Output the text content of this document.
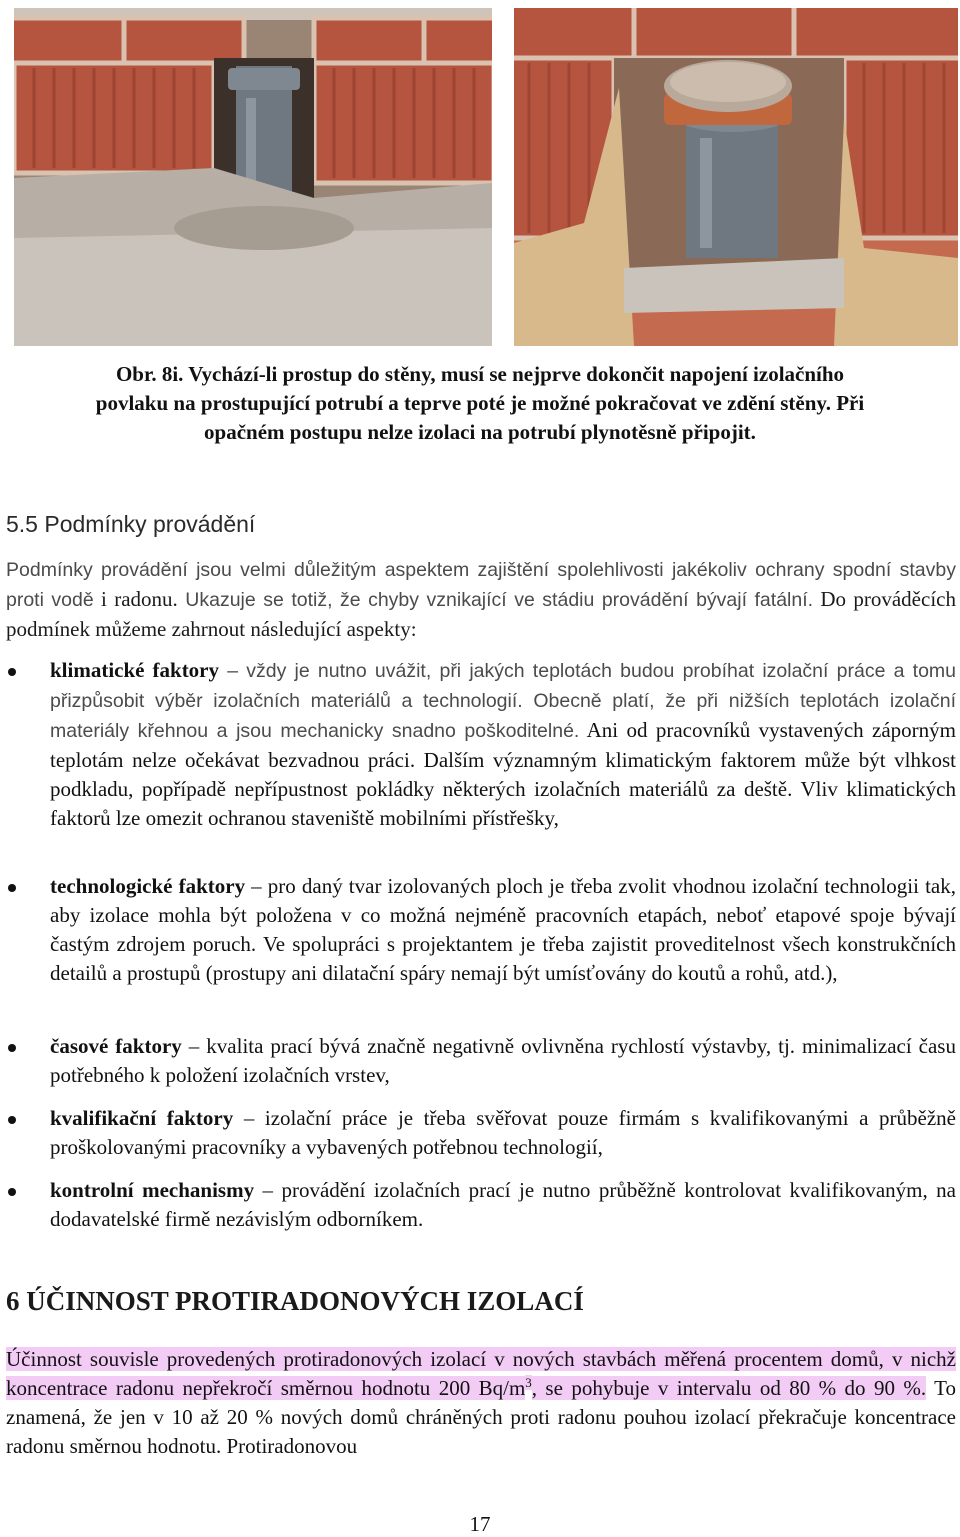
Obr. 8i. Vychází-li prostup do stěny, musí se nejprve dokončit napojení izolačního
povlaku na prostupující potrubí a teprve poté je možné pokračovat ve zdění stěny. Při
opačném postupu nelze izolaci na potrubí plynotěsně připojit.
5.5 Podmínky provádění
Podmínky provádění jsou velmi důležitým aspektem zajištění spolehlivosti jakékoliv ochrany spodní stavby proti vodě i radonu. Ukazuje se totiž, že chyby vznikající ve stádiu provádění bývají fatální. Do prováděcích podmínek můžeme zahrnout následující aspekty:
klimatické faktory – vždy je nutno uvážit, při jakých teplotách budou probíhat izolační práce a tomu přizpůsobit výběr izolačních materiálů a technologií. Obecně platí, že při nižších teplotách izolační materiály křehnou a jsou mechanicky snadno poškoditelné. Ani od pracovníků vystavených záporným teplotám nelze očekávat bezvadnou práci. Dalším významným klimatickým faktorem může být vlhkost podkladu, popřípadě nepřípustnost pokládky některých izolačních materiálů za deště. Vliv klimatických faktorů lze omezit ochranou staveniště mobilními přístřešky,
technologické faktory – pro daný tvar izolovaných ploch je třeba zvolit vhodnou izolační technologii tak, aby izolace mohla být položena v co možná nejméně pracovních etapách, neboť etapové spoje bývají častým zdrojem poruch. Ve spolupráci s projektantem je třeba zajistit proveditelnost všech konstrukčních detailů a prostupů (prostupy ani dilatační spáry nemají být umísťovány do koutů a rohů, atd.),
časové faktory – kvalita prací bývá značně negativně ovlivněna rychlostí výstavby, tj. minimalizací času potřebného k položení izolačních vrstev,
kvalifikační faktory – izolační práce je třeba svěřovat pouze firmám s kvalifikovanými a průběžně proškolovanými pracovníky a vybavených potřebnou technologií,
kontrolní mechanismy – provádění izolačních prací je nutno průběžně kontrolovat kvalifikovaným, na dodavatelské firmě nezávislým odborníkem.
6 ÚČINNOST PROTIRADONOVÝCH IZOLACÍ
Účinnost souvisle provedených protiradonových izolací v nových stavbách měřená procentem domů, v nichž koncentrace radonu nepřekročí směrnou hodnotu 200 $Bq/m^3$, se pohybuje v intervalu od 80 % do 90 %. To znamená, že jen v 10 až 20 % nových domů chráněných proti radonu pouhou izolací překračuje koncentrace radonu směrnou hodnotu. Protiradonovou
17
